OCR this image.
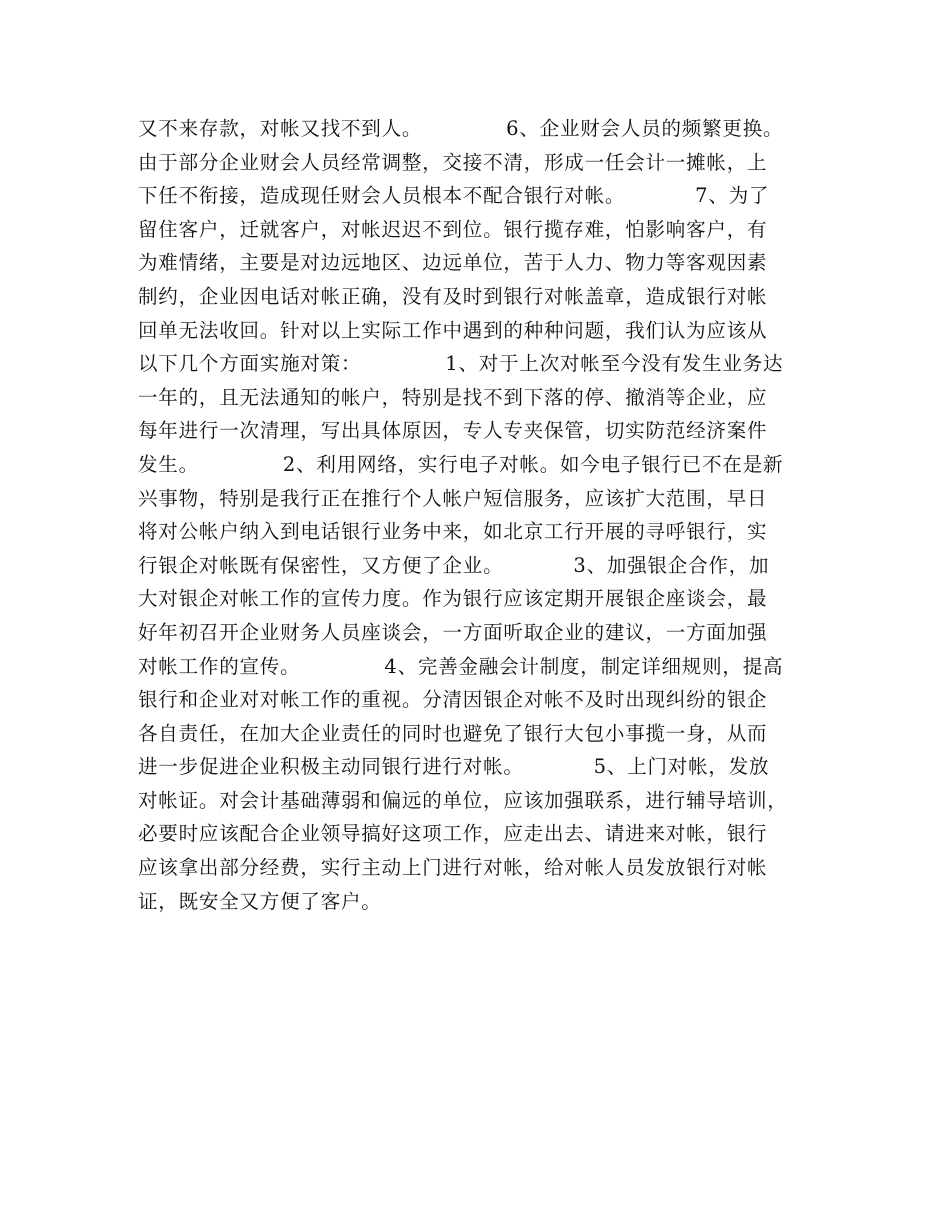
又不来存款，对帐又找不到人。            6、企业财会人员的频繁更换。
由于部分企业财会人员经常调整，交接不清，形成一任会计一摊帐，上
下任不衔接，造成现任财会人员根本不配合银行对帐。          7、为了
留住客户，迁就客户，对帐迟迟不到位。银行揽存难，怕影响客户，有
为难情绪，主要是对边远地区、边远单位，苦于人力、物力等客观因素
制约，企业因电话对帐正确，没有及时到银行对帐盖章，造成银行对帐
回单无法收回。针对以上实际工作中遇到的种种问题，我们认为应该从
以下几个方面实施对策：            1、对于上次对帐至今没有发生业务达
一年的，且无法通知的帐户，特别是找不到下落的停、撤消等企业，应
每年进行一次清理，写出具体原因，专人专夹保管，切实防范经济案件
发生。            2、利用网络，实行电子对帐。如今电子银行已不在是新
兴事物，特别是我行正在推行个人帐户短信服务，应该扩大范围，早日
将对公帐户纳入到电话银行业务中来，如北京工行开展的寻呼银行，实
行银企对帐既有保密性，又方便了企业。          3、加强银企合作，加
大对银企对帐工作的宣传力度。作为银行应该定期开展银企座谈会，最
好年初召开企业财务人员座谈会，一方面听取企业的建议，一方面加强
对帐工作的宣传。            4、完善金融会计制度，制定详细规则，提高
银行和企业对对帐工作的重视。分清因银企对帐不及时出现纠纷的银企
各自责任，在加大企业责任的同时也避免了银行大包小事揽一身，从而
进一步促进企业积极主动同银行进行对帐。          5、上门对帐，发放
对帐证。对会计基础薄弱和偏远的单位，应该加强联系，进行辅导培训，
必要时应该配合企业领导搞好这项工作，应走出去、请进来对帐，银行
应该拿出部分经费，实行主动上门进行对帐，给对帐人员发放银行对帐
证，既安全又方便了客户。
